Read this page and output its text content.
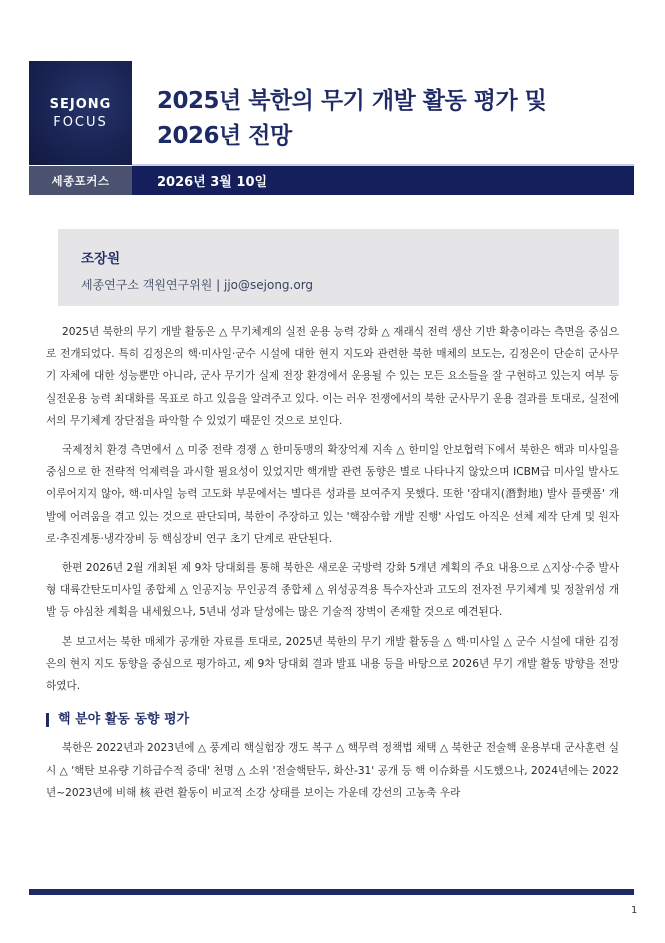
SEJONG
FOCUS
2025년 북한의 무기 개발 활동 평가 및
2026년 전망
세종포커스	2026년 3월 10일
조장원
세종연구소 객원연구위원 | jjo@sejong.org

2025년 북한의 무기 개발 활동은 △ 무기체계의 실전 운용 능력 강화 △ 재래식 전력 생산 기반 확충이라는 측면을 중심으로 전개되었다. 특히 김정은의 핵·미사일·군수 시설에 대한 현지 지도와 관련한 북한 매체의 보도는, 김정은이 단순히 군사무기 자체에 대한 성능뿐만 아니라, 군사 무기가 실제 전장 환경에서 운용될 수 있는 모든 요소들을 잘 구현하고 있는지 여부 등 실전운용 능력 최대화를 목표로 하고 있음을 알려주고 있다. 이는 러우 전쟁에서의 북한 군사무기 운용 결과를 토대로, 실전에서의 무기체계 장단점을 파악할 수 있었기 때문인 것으로 보인다.

국제정치 환경 측면에서 △ 미중 전략 경쟁 △ 한미동맹의 확장억제 지속 △ 한미일 안보협력下에서 북한은 핵과 미사일을 중심으로 한 전략적 억제력을 과시할 필요성이 있었지만 핵개발 관련 동향은 별로 나타나지 않았으며 ICBM급 미사일 발사도 이루어지지 않아, 핵·미사일 능력 고도화 부문에서는 별다른 성과를 보여주지 못했다. 또한 '잠대지(潛對地) 발사 플랫폼' 개발에 어려움을 겪고 있는 것으로 판단되며, 북한이 주장하고 있는 '핵잠수함 개발 진행' 사업도 아직은 선체 제작 단계 및 원자로·추진계통·냉각장비 등 핵심장비 연구 초기 단계로 판단된다.

한편 2026년 2월 개최된 제 9차 당대회를 통해 북한은 새로운 국방력 강화 5개년 계획의 주요 내용으로 △지상·수중 발사형 대륙간탄도미사일 종합체 △ 인공지능 무인공격 종합체 △ 위성공격용 특수자산과 고도의 전자전 무기체계 및 정찰위성 개발 등 야심찬 계획을 내세웠으나, 5년내 성과 달성에는 많은 기술적 장벽이 존재할 것으로 예견된다.

본 보고서는 북한 매체가 공개한 자료를 토대로, 2025년 북한의 무기 개발 활동을 △ 핵·미사일 △ 군수 시설에 대한 김정은의 현지 지도 동향을 중심으로 평가하고, 제 9차 당대회 결과 발표 내용 등을 바탕으로 2026년 무기 개발 활동 방향을 전망하였다.

핵 분야 활동 동향 평가

북한은 2022년과 2023년에 △ 풍계리 핵실험장 갱도 복구 △ 핵무력 정책법 채택 △ 북한군 전술핵 운용부대 군사훈련 실시 △ '핵탄 보유량 기하급수적 증대' 천명 △ 소위 '전술핵탄두, 화산-31' 공개 등 핵 이슈화를 시도했으나, 2024년에는 2022년~2023년에 비해 核 관련 활동이 비교적 소강 상태를 보이는 가운데 강선의 고농축 우라

1
